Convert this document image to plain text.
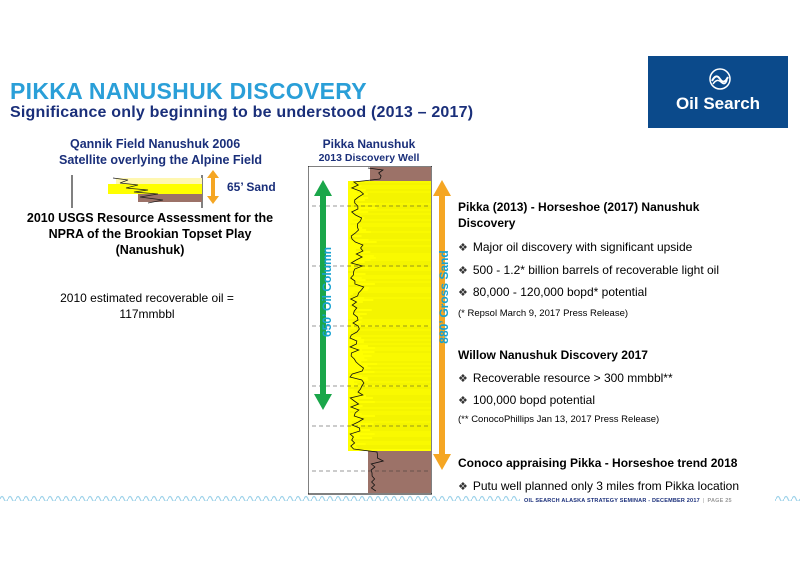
PIKKA NANUSHUK DISCOVERY
Significance only beginning to be understood (2013 – 2017)	Oil Search
Qannik Field Nanushuk 2006
Satellite overlying the Alpine Field
65’ Sand
2010 USGS Resource Assessment for the
NPRA of the Brookian Topset Play
(Nanushuk)
2010 estimated recoverable oil =
117mmbbl
Pikka Nanushuk
2013 Discovery Well
650’ Oil Column	880’ Gross Sand
Pikka (2013) - Horseshoe (2017) Nanushuk
Discovery
❖ Major oil discovery with significant upside
❖ 500 - 1.2* billion barrels of recoverable light oil
❖ 80,000 - 120,000 bopd* potential
(* Repsol March 9, 2017 Press Release)
Willow Nanushuk Discovery 2017
❖ Recoverable resource > 300 mmbbl**
❖ 100,000 bopd potential
(** ConocoPhillips Jan 13, 2017 Press Release)
Conoco appraising Pikka - Horseshoe trend 2018
❖ Putu well planned only 3 miles from Pikka location
OIL SEARCH ALASKA STRATEGY SEMINAR - DECEMBER 2017 | PAGE 25
